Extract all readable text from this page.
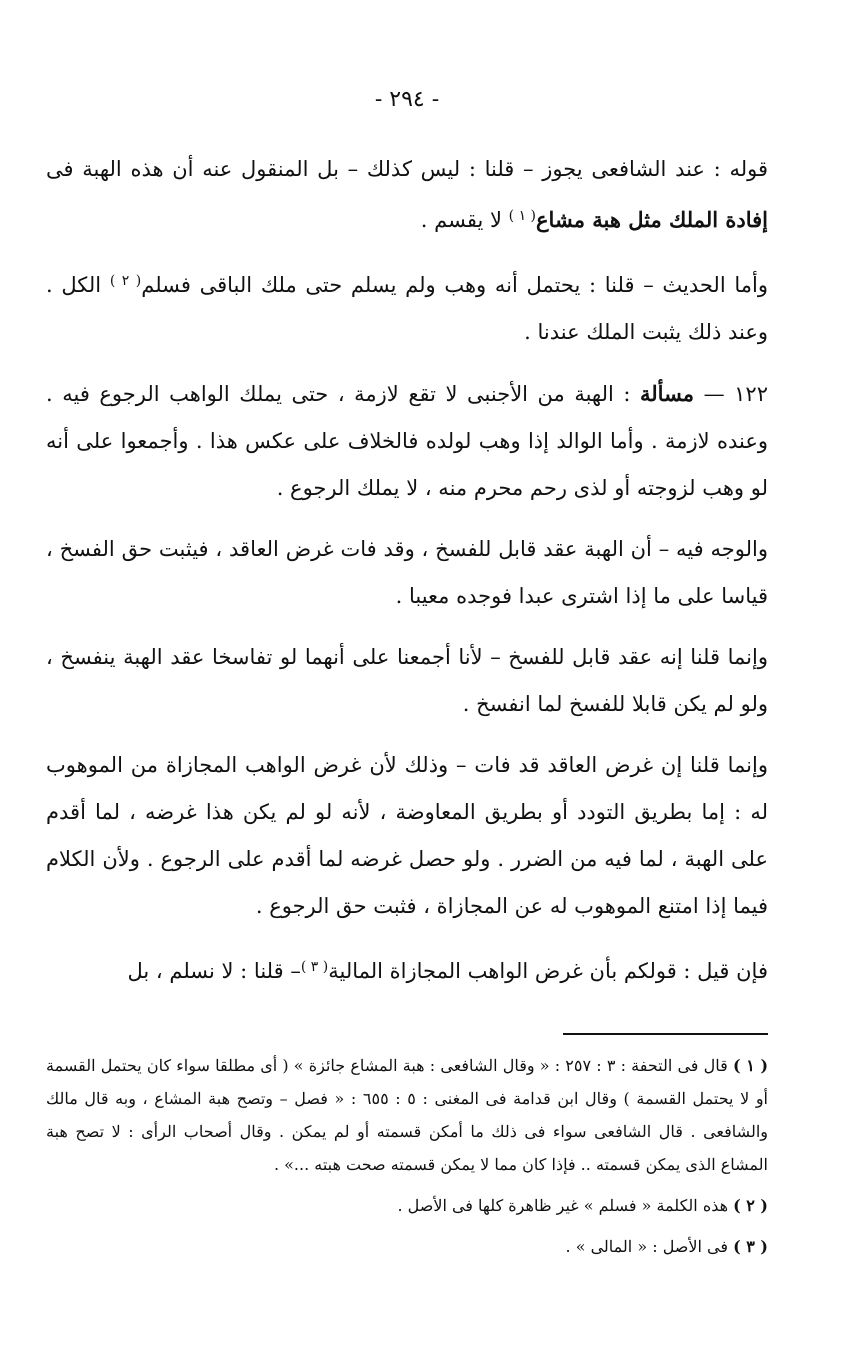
- ٢٩٤ -

قوله : عند الشافعى يجوز – قلنا : ليس كذلك – بل المنقول عنه أن هذه الهبة فى إفادة الملك مثل هبة مشاع$^{( ١ )}$ لا يقسم .

وأما الحديث – قلنا : يحتمل أنه وهب ولم يسلم حتى ملك الباقى فسلم$^{( ٢ )}$ الكل . وعند ذلك يثبت الملك عندنا .

١٢٢ — مسألة : الهبة من الأجنبى لا تقع لازمة ، حتى يملك الواهب الرجوع فيه . وعنده لازمة . وأما الوالد إذا وهب لولده فالخلاف على عكس هذا . وأجمعوا على أنه لو وهب لزوجته أو لذى رحم محرم منه ، لا يملك الرجوع .

والوجه فيه – أن الهبة عقد قابل للفسخ ، وقد فات غرض العاقد ، فيثبت حق الفسخ ، قياسا على ما إذا اشترى عبدا فوجده معيبا .

وإنما قلنا إنه عقد قابل للفسخ – لأنا أجمعنا على أنهما لو تفاسخا عقد الهبة ينفسخ ، ولو لم يكن قابلا للفسخ لما انفسخ .

وإنما قلنا إن غرض العاقد قد فات – وذلك لأن غرض الواهب المجازاة من الموهوب له : إما بطريق التودد أو بطريق المعاوضة ، لأنه لو لم يكن هذا غرضه ، لما أقدم على الهبة ، لما فيه من الضرر . ولو حصل غرضه لما أقدم على الرجوع . ولأن الكلام فيما إذا امتنع الموهوب له عن المجازاة ، فثبت حق الرجوع .

فإن قيل : قولكم بأن غرض الواهب المجازاة المالية$^{( ٣ )}$– قلنا : لا نسلم ، بل

( ١ ) قال فى التحفة : ٣ : ٢٥٧ : « وقال الشافعى : هبة المشاع جائزة » ( أى مطلقا سواء كان يحتمل القسمة أو لا يحتمل القسمة ) وقال ابن قدامة فى المغنى : ٥ : ٦٥٥ : « فصل – وتصح هبة المشاع ، وبه قال مالك والشافعى . قال الشافعى سواء فى ذلك ما أمكن قسمته أو لم يمكن . وقال أصحاب الرأى : لا تصح هبة المشاع الذى يمكن قسمته .. فإذا كان مما لا يمكن قسمته صحت هبته ...» .

( ٢ ) هذه الكلمة « فسلم » غير ظاهرة كلها فى الأصل .

( ٣ ) فى الأصل : « المالى » .
